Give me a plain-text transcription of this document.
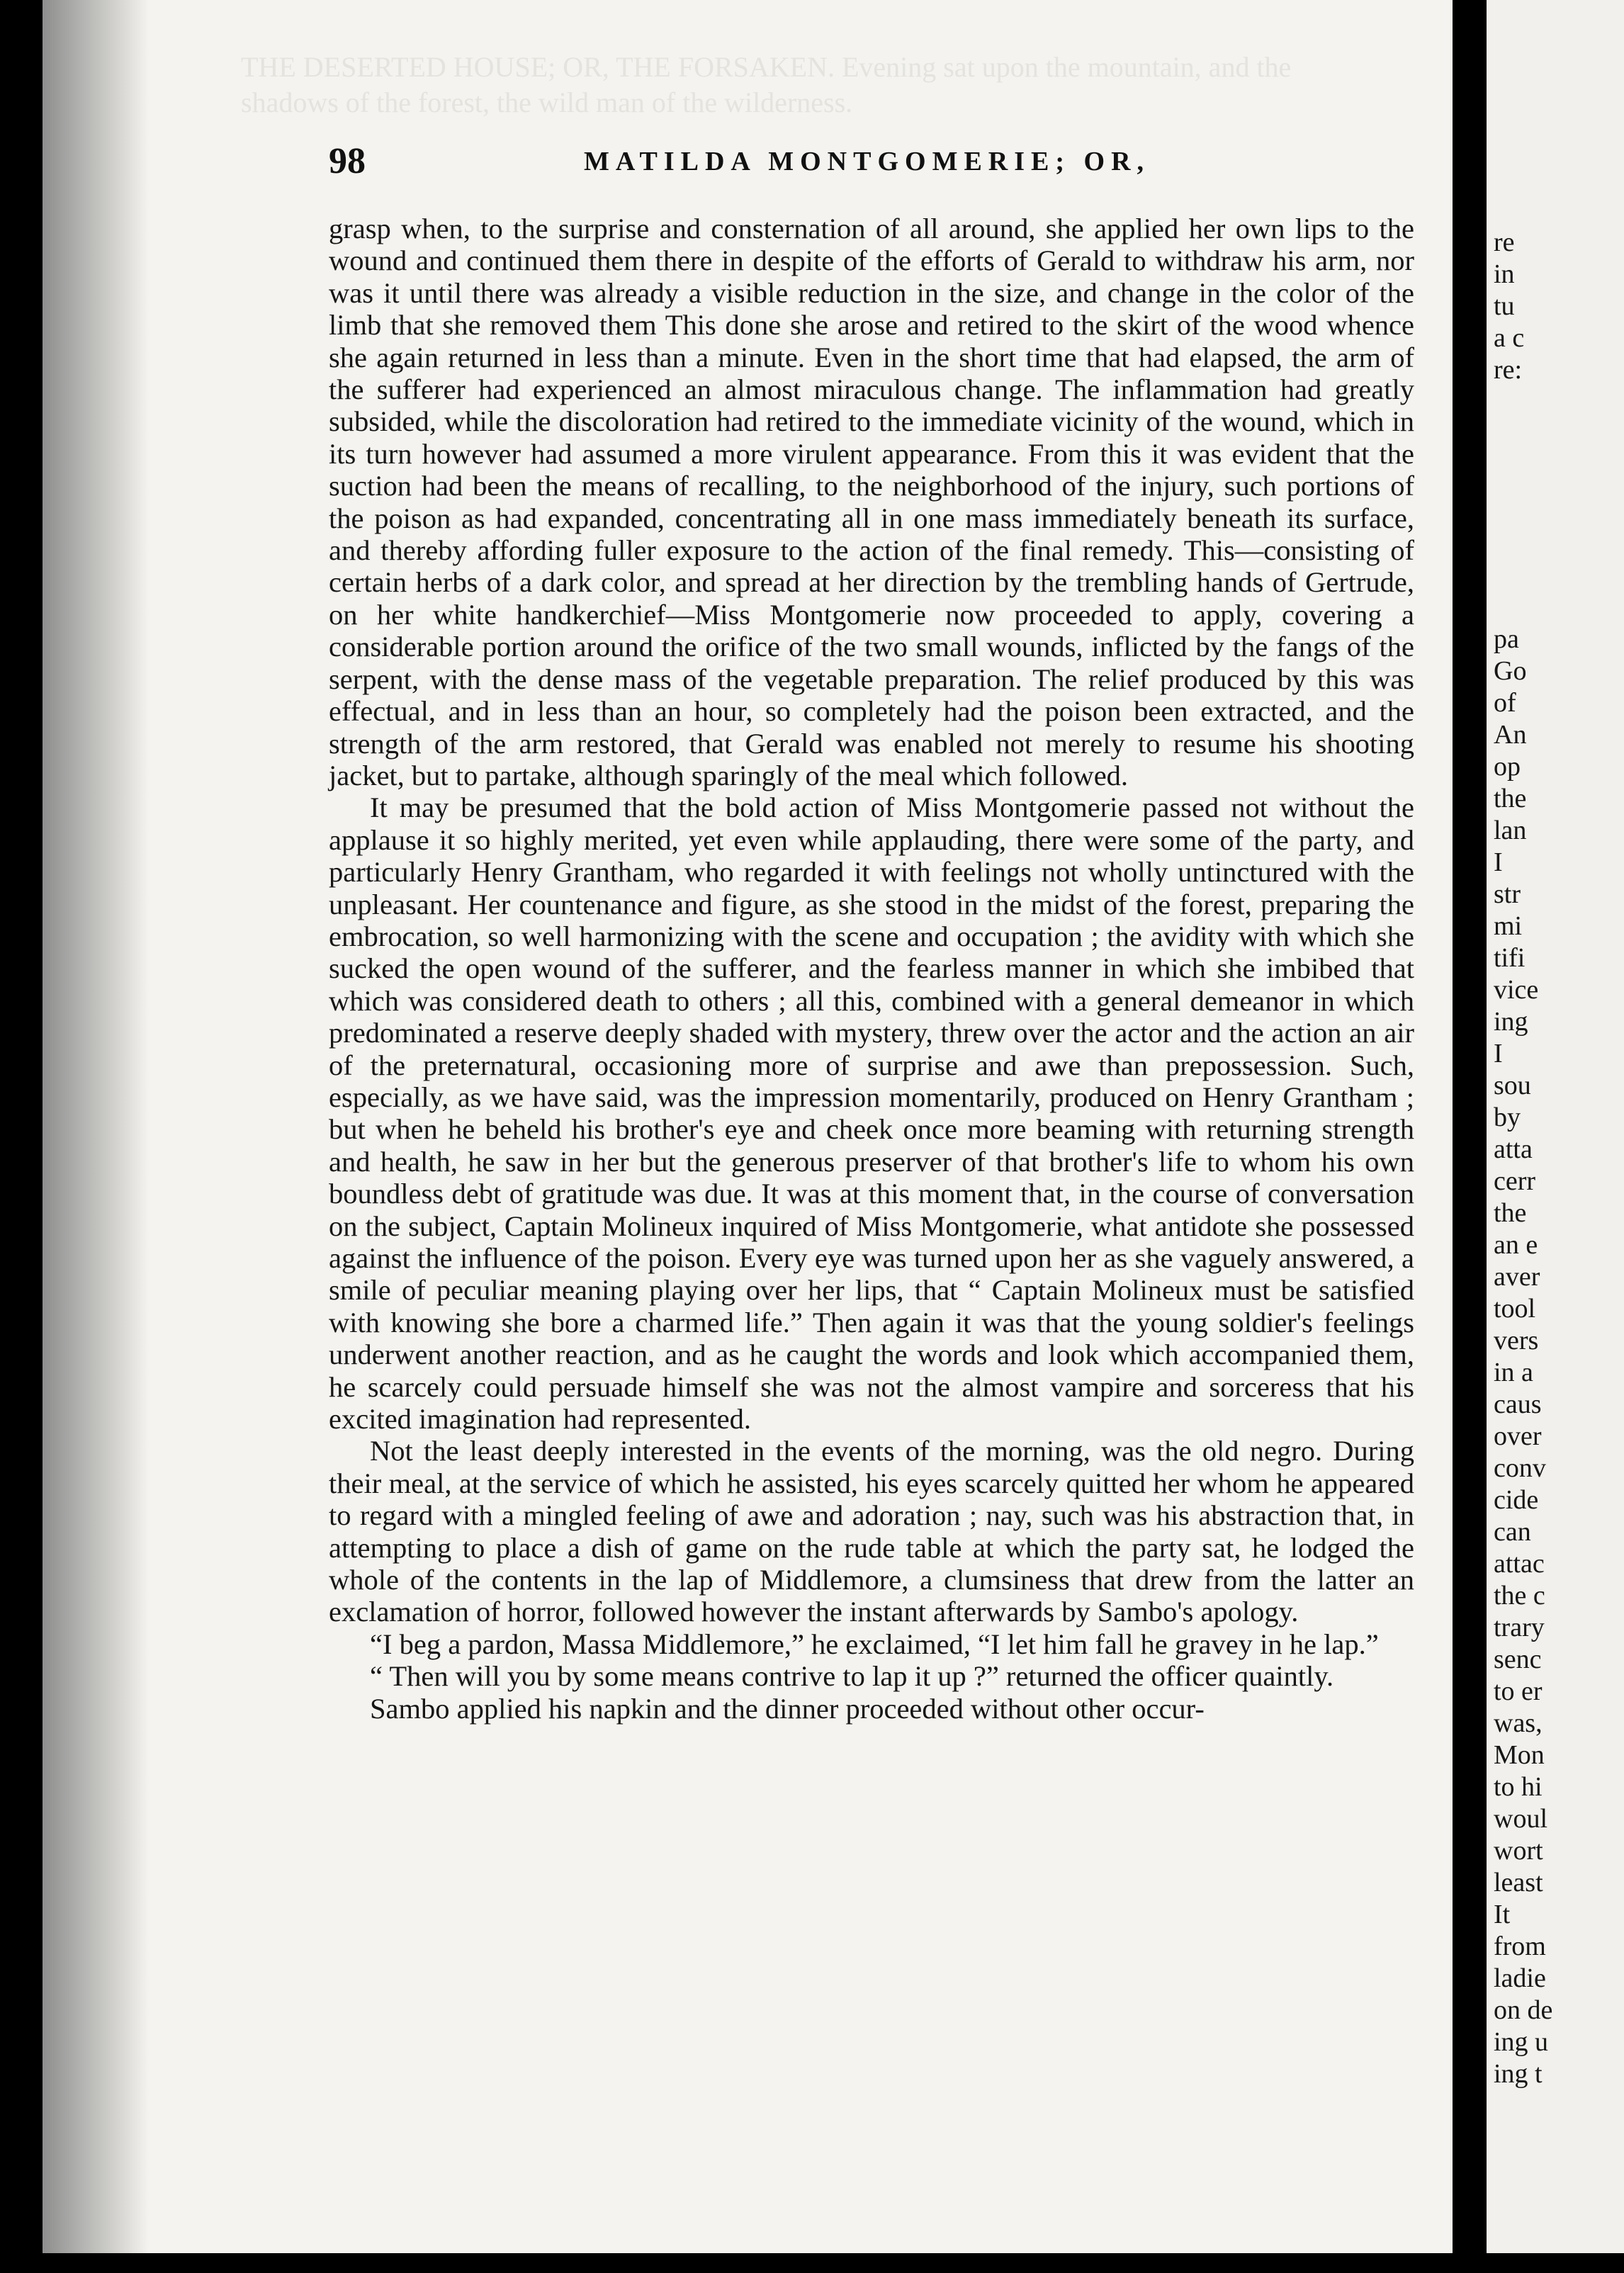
THE DESERTED HOUSE; OR, THE FORSAKEN. Evening sat upon the mountain, and the shadows of the forest, the wild man of the wilderness.
98	MATILDA MONTGOMERIE; OR,

grasp when, to the surprise and consternation of all around, she applied her own lips to the wound and continued them there in despite of the efforts of Gerald to withdraw his arm, nor was it until there was already a visible reduction in the size, and change in the color of the limb that she removed them This done she arose and retired to the skirt of the wood whence she again returned in less than a minute. Even in the short time that had elapsed, the arm of the sufferer had experienced an almost miraculous change. The inflammation had greatly subsided, while the discoloration had retired to the immediate vicinity of the wound, which in its turn however had assumed a more virulent appearance. From this it was evident that the suction had been the means of recalling, to the neighborhood of the injury, such portions of the poison as had expanded, concentrating all in one mass immediately beneath its surface, and thereby affording fuller exposure to the action of the final remedy. This—consisting of certain herbs of a dark color, and spread at her direction by the trembling hands of Gertrude, on her white handkerchief—Miss Montgomerie now proceeded to apply, covering a considerable portion around the orifice of the two small wounds, inflicted by the fangs of the serpent, with the dense mass of the vegetable preparation. The relief produced by this was effectual, and in less than an hour, so completely had the poison been extracted, and the strength of the arm restored, that Gerald was enabled not merely to resume his shooting jacket, but to partake, although sparingly of the meal which followed.

It may be presumed that the bold action of Miss Montgomerie passed not without the applause it so highly merited, yet even while applauding, there were some of the party, and particularly Henry Grantham, who regarded it with feelings not wholly untinctured with the unpleasant. Her countenance and figure, as she stood in the midst of the forest, preparing the embrocation, so well harmonizing with the scene and occupation ; the avidity with which she sucked the open wound of the sufferer, and the fearless manner in which she imbibed that which was considered death to others ; all this, combined with a general demeanor in which predominated a reserve deeply shaded with mystery, threw over the actor and the action an air of the preternatural, occasioning more of surprise and awe than prepossession. Such, especially, as we have said, was the impression momentarily, produced on Henry Grantham ; but when he beheld his brother's eye and cheek once more beaming with returning strength and health, he saw in her but the generous preserver of that brother's life to whom his own boundless debt of gratitude was due. It was at this moment that, in the course of conversation on the subject, Captain Molineux inquired of Miss Montgomerie, what antidote she possessed against the influence of the poison. Every eye was turned upon her as she vaguely answered, a smile of peculiar meaning playing over her lips, that “ Captain Molineux must be satisfied with knowing she bore a charmed life.” Then again it was that the young soldier's feelings underwent another reaction, and as he caught the words and look which accompanied them, he scarcely could persuade himself she was not the almost vampire and sorceress that his excited imagination had represented.

Not the least deeply interested in the events of the morning, was the old negro. During their meal, at the service of which he assisted, his eyes scarcely quitted her whom he appeared to regard with a mingled feeling of awe and adoration ; nay, such was his abstraction that, in attempting to place a dish of game on the rude table at which the party sat, he lodged the whole of the contents in the lap of Middlemore, a clumsiness that drew from the latter an exclamation of horror, followed however the instant afterwards by Sambo's apology.

“I beg a pardon, Massa Middlemore,” he exclaimed, “I let him fall he gravey in he lap.”

“ Then will you by some means contrive to lap it up ?” returned the officer quaintly.

Sambo applied his napkin and the dinner proceeded without other occur-

re
in
tu
a c
re:
pa
Go
of
An
op
the
lan
I
str
mi
tifi
vice
ing
I
sou
by
atta
cerr
the
an e
aver
tool
vers
in a
caus
over
conv
cide
can
attac
the c
trary
senc
to er
was,
Mon
to hi
woul
wort
least
It
from
ladie
on de
ing u
ing t
